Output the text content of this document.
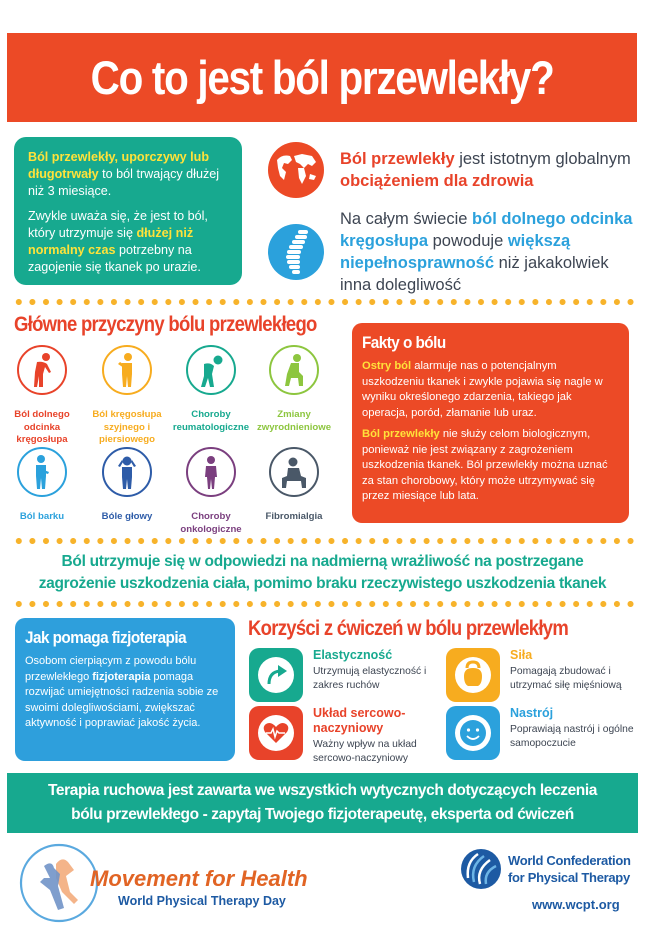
Co to jest ból przewlekły?

Ból przewlekły, uporczywy lub długotrwały to ból trwający dłużej niż 3 miesiące.

Zwykle uważa się, że jest to ból, który utrzymuje się dłużej niż normalny czas potrzebny na zagojenie się tkanek po urazie.

Ból przewlekły jest istotnym globalnym obciążeniem dla zdrowia
Na całym świecie ból dolnego odcinka kręgosłupa powoduje większą niepełnosprawność niż jakakolwiek inna dolegliwość
Główne przyczyny bólu przewlekłego
Ból dolnego odcinka kręgosłupa
Ból kręgosłupa szyjnego i piersiowego
Choroby reumatologiczne
Zmiany zwyrodnieniowe
Ból barku	Bóle głowy	Choroby onkologiczne
Fibromialgia
Fakty o bólu

Ostry ból alarmuje nas o potencjalnym uszkodzeniu tkanek i zwykle pojawia się nagle w wyniku określonego zdarzenia, takiego jak operacja, poród, złamanie lub uraz.

Ból przewlekły nie służy celom biologicznym, ponieważ nie jest związany z zagrożeniem uszkodzenia tkanek. Ból przewlekły można uznać za stan chorobowy, który może utrzymywać się przez miesiące lub lata.

Ból utrzymuje się w odpowiedzi na nadmierną wrażliwość na postrzegane
zagrożenie uszkodzenia ciała, pomimo braku rzeczywistego uszkodzenia tkanek
Jak pomaga fizjoterapia

Osobom cierpiącym z powodu bólu przewlekłego fizjoterapia pomaga rozwijać umiejętności radzenia sobie ze swoimi dolegliwościami, zwiększać aktywność i poprawiać jakość życia.

Korzyści z ćwiczeń w bólu przewlekłym
Elastyczność
Utrzymują elastyczność i zakres ruchów
Siła
Pomagają zbudować i utrzymać siłę mięśniową
Układ sercowo-naczyniowy
Ważny wpływ na układ sercowo-naczyniowy
Nastrój
Poprawiają nastrój i ogólne samopoczucie
Terapia ruchowa jest zawarta we wszystkich wytycznych dotyczących leczenia
bólu przewlekłego - zapytaj Twojego fizjoterapeutę, eksperta od ćwiczeń
Movement for Health
World Physical Therapy Day
World Confederation
for Physical Therapy
www.wcpt.org
